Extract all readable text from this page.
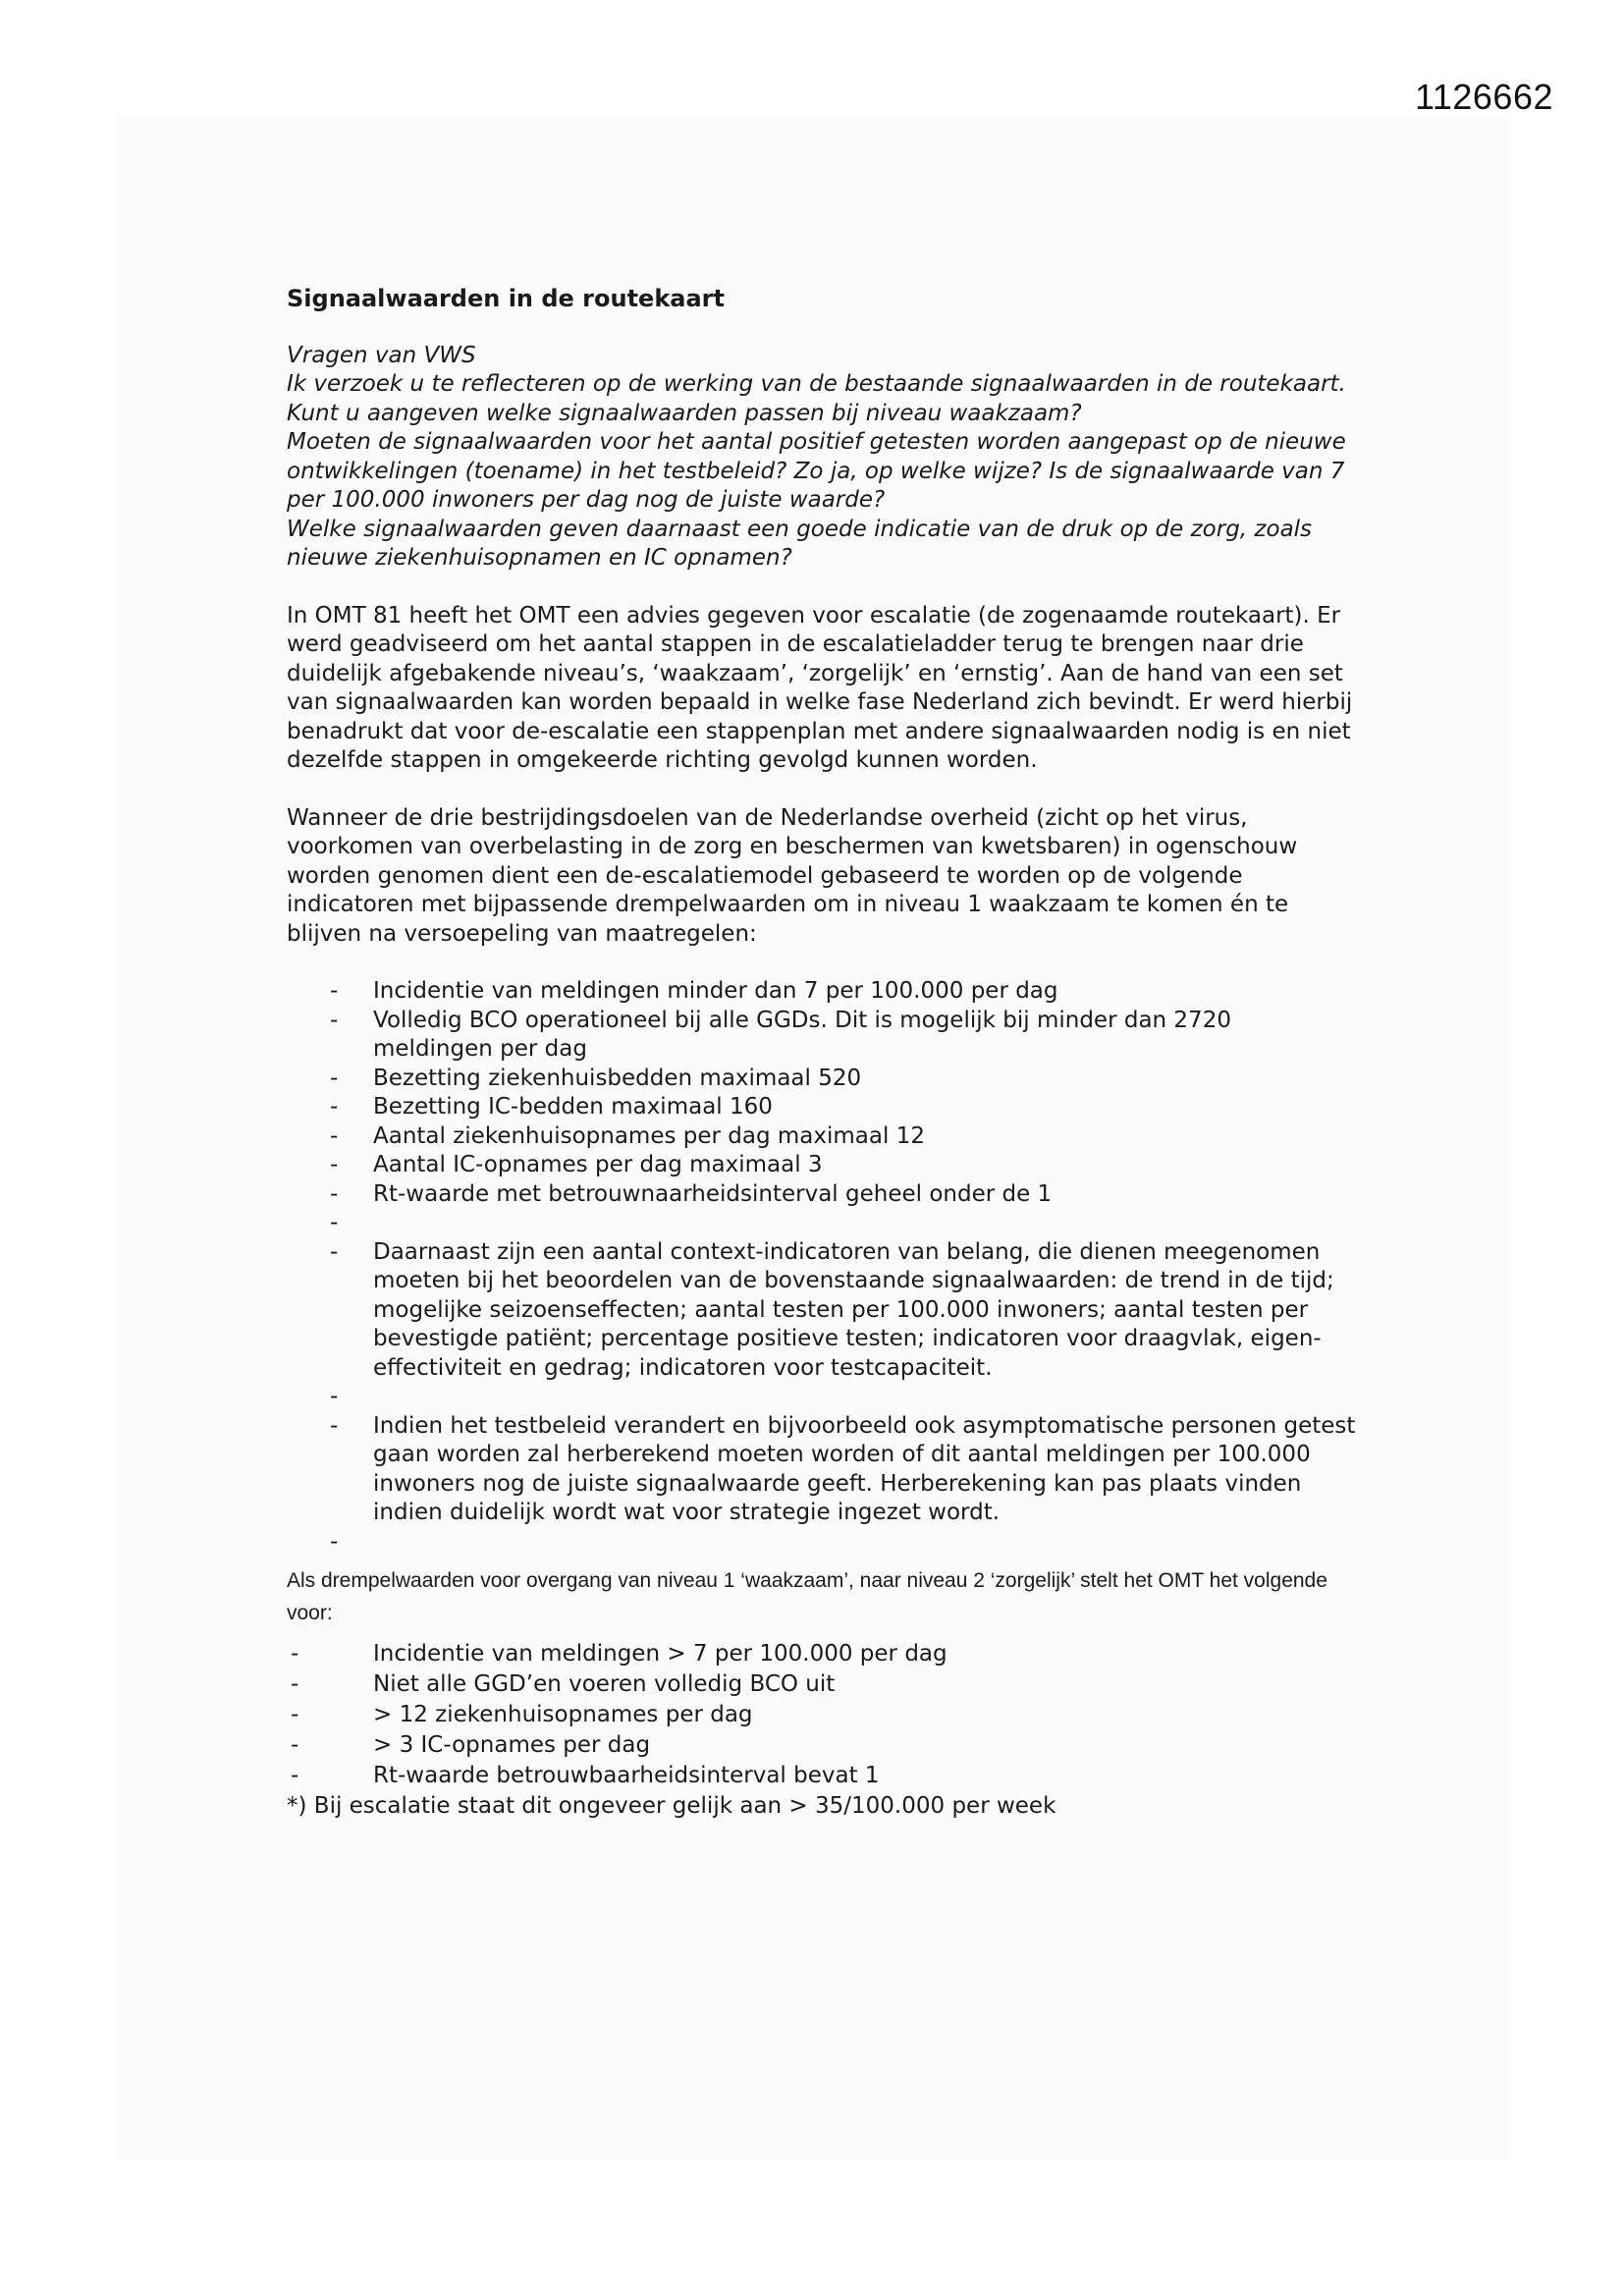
1126662
Signaalwaarden in de routekaart
Vragen van VWS
Ik verzoek u te reflecteren op de werking van de bestaande signaalwaarden in de routekaart.
Kunt u aangeven welke signaalwaarden passen bij niveau waakzaam?
Moeten de signaalwaarden voor het aantal positief getesten worden aangepast op de nieuwe ontwikkelingen (toename) in het testbeleid? Zo ja, op welke wijze? Is de signaalwaarde van 7 per 100.000 inwoners per dag nog de juiste waarde?
Welke signaalwaarden geven daarnaast een goede indicatie van de druk op de zorg, zoals nieuwe ziekenhuisopnamen en IC opnamen?

In OMT 81 heeft het OMT een advies gegeven voor escalatie (de zogenaamde routekaart). Er werd geadviseerd om het aantal stappen in de escalatieladder terug te brengen naar drie duidelijk afgebakende niveau’s, ‘waakzaam’, ‘zorgelijk’ en ‘ernstig’. Aan de hand van een set van signaalwaarden kan worden bepaald in welke fase Nederland zich bevindt. Er werd hierbij benadrukt dat voor de-escalatie een stappenplan met andere signaalwaarden nodig is en niet dezelfde stappen in omgekeerde richting gevolgd kunnen worden.

Wanneer de drie bestrijdingsdoelen van de Nederlandse overheid (zicht op het virus, voorkomen van overbelasting in de zorg en beschermen van kwetsbaren) in ogenschouw worden genomen dient een de-escalatiemodel gebaseerd te worden op de volgende indicatoren met bijpassende drempelwaarden om in niveau 1 waakzaam te komen én te blijven na versoepeling van maatregelen:

- Incidentie van meldingen minder dan 7 per 100.000 per dag
- Volledig BCO operationeel bij alle GGDs. Dit is mogelijk bij minder dan 2720 meldingen per dag
- Bezetting ziekenhuisbedden maximaal 520
- Bezetting IC-bedden maximaal 160
- Aantal ziekenhuisopnames per dag maximaal 12
- Aantal IC-opnames per dag maximaal 3
- Rt-waarde met betrouwnaarheidsinterval geheel onder de 1
-

- Daarnaast zijn een aantal context-indicatoren van belang, die dienen meegenomen moeten bij het beoordelen van de bovenstaande signaalwaarden: de trend in de tijd; mogelijke seizoenseffecten; aantal testen per 100.000 inwoners; aantal testen per bevestigde patiënt; percentage positieve testen; indicatoren voor draagvlak, eigen-effectiviteit en gedrag; indicatoren voor testcapaciteit.
-

- Indien het testbeleid verandert en bijvoorbeeld ook asymptomatische personen getest gaan worden zal herberekend moeten worden of dit aantal meldingen per 100.000 inwoners nog de juiste signaalwaarde geeft. Herberekening kan pas plaats vinden indien duidelijk wordt wat voor strategie ingezet wordt.
-

Als drempelwaarden voor overgang van niveau 1 ‘waakzaam’, naar niveau 2 ‘zorgelijk’ stelt het OMT het volgende voor:
-	Incidentie van meldingen > 7 per 100.000 per dag
-	Niet alle GGD’en voeren volledig BCO uit
-	> 12 ziekenhuisopnames per dag
-	> 3 IC-opnames per dag
-	Rt-waarde betrouwbaarheidsinterval bevat 1
*) Bij escalatie staat dit ongeveer gelijk aan > 35/100.000 per week
